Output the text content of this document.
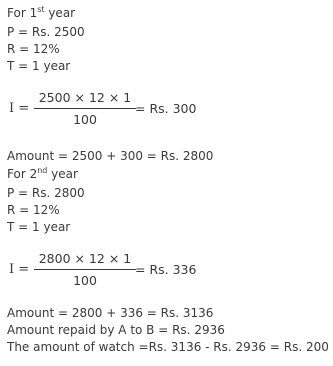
For 1st year
P = Rs. 2500
R = 12%
T = 1 year
I =
2500 × 12 × 1
100
= Rs. 300
Amount = 2500 + 300 = Rs. 2800
For 2nd year
P = Rs. 2800
R = 12%
T = 1 year
I =
2800 × 12 × 1
100
= Rs. 336
Amount = 2800 + 336 = Rs. 3136
Amount repaid by A to B = Rs. 2936
The amount of watch =Rs. 3136 - Rs. 2936 = Rs. 200
